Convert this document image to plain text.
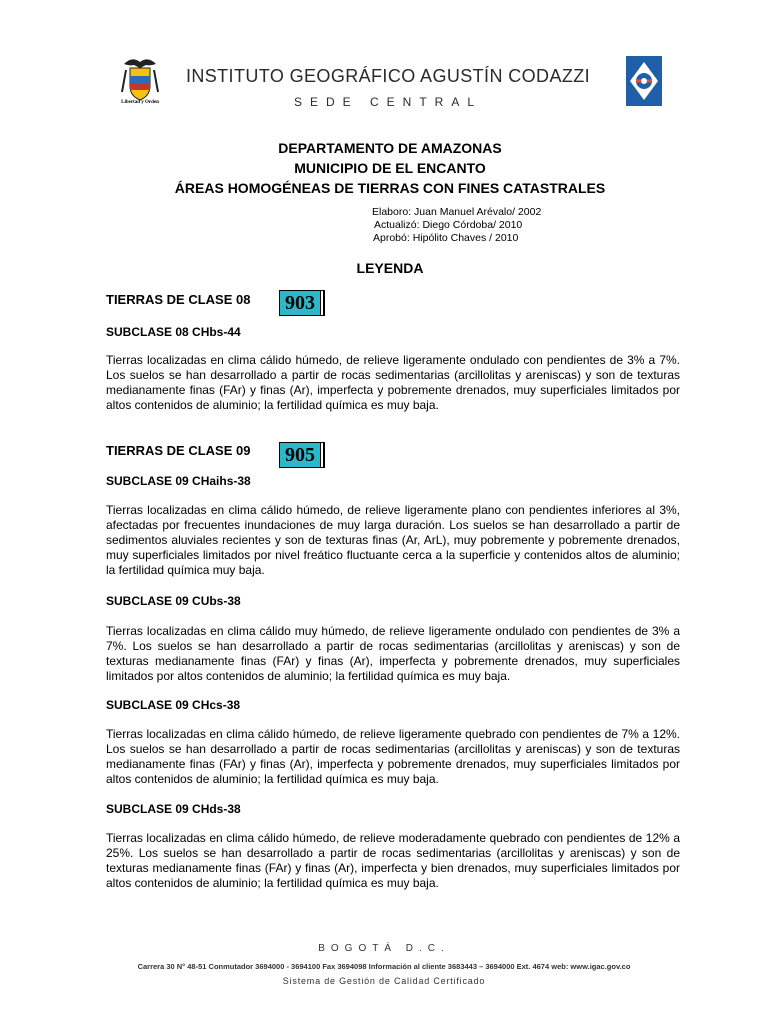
Libertad y Orden
INSTITUTO GEOGRÁFICO AGUSTÍN CODAZZI
SEDE CENTRAL
DEPARTAMENTO DE AMAZONAS
MUNICIPIO DE EL ENCANTO
ÁREAS HOMOGÉNEAS DE TIERRAS CON FINES CATASTRALES
Elaboro: Juan Manuel Arévalo/ 2002
Actualizó: Diego Córdoba/ 2010
Aprobó: Hipólito Chaves / 2010
LEYENDA
TIERRAS DE CLASE 08	903
SUBCLASE 08 CHbs-44
Tierras localizadas en clima cálido húmedo, de relieve ligeramente ondulado con pendientes de 3% a 7%. Los suelos se han desarrollado a partir de rocas sedimentarias (arcillolitas y areniscas) y son de texturas medianamente finas (FAr) y finas (Ar), imperfecta y pobremente drenados, muy superficiales limitados por altos contenidos de aluminio; la fertilidad química es muy baja.
TIERRAS DE CLASE 09	905
SUBCLASE 09 CHaihs-38
Tierras localizadas en clima cálido húmedo, de relieve ligeramente plano con pendientes inferiores al 3%, afectadas por frecuentes inundaciones de muy larga duración. Los suelos se han desarrollado a partir de sedimentos aluviales recientes y son de texturas finas (Ar, ArL), muy pobremente y pobremente drenados, muy superficiales limitados por nivel freático fluctuante cerca a la superficie y contenidos altos de aluminio; la fertilidad química muy baja.
SUBCLASE 09 CUbs-38
Tierras localizadas en clima cálido muy húmedo, de relieve ligeramente ondulado con pendientes de 3% a 7%. Los suelos se han desarrollado a partir de rocas sedimentarias (arcillolitas y areniscas) y son de texturas medianamente finas (FAr) y finas (Ar), imperfecta y pobremente drenados, muy superficiales limitados por altos contenidos de aluminio; la fertilidad química es muy baja.
SUBCLASE 09 CHcs-38
Tierras localizadas en clima cálido húmedo, de relieve ligeramente quebrado con pendientes de 7% a 12%. Los suelos se han desarrollado a partir de rocas sedimentarias (arcillolitas y areniscas) y son de texturas medianamente finas (FAr) y finas (Ar), imperfecta y pobremente drenados, muy superficiales limitados por altos contenidos de aluminio; la fertilidad química es muy baja.
SUBCLASE 09 CHds-38
Tierras localizadas en clima cálido húmedo, de relieve moderadamente quebrado con pendientes de 12% a 25%. Los suelos se han desarrollado a partir de rocas sedimentarias (arcillolitas y areniscas) y son de texturas medianamente finas (FAr) y finas (Ar), imperfecta y bien drenados, muy superficiales limitados por altos contenidos de aluminio; la fertilidad química es muy baja.
BOGOTÁ D.C.
Carrera 30 N° 48-51 Conmutador 3694000 - 3694100 Fax 3694098 Información al cliente 3683443 – 3694000 Ext. 4674 web: www.igac.gov.co
Sistema de Gestión de Calidad Certificado
